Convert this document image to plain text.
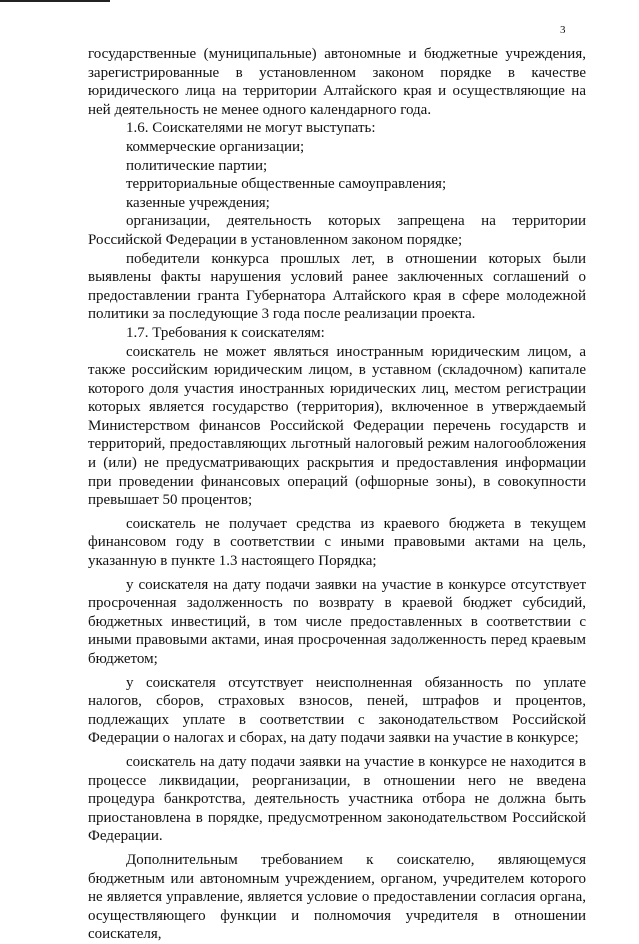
3

государственные (муниципальные) автономные и бюджетные учреждения, зарегистрированные в установленном законом порядке в качестве юридического лица на территории Алтайского края и осуществляющие на ней деятельность не менее одного календарного года.

1.6. Соискателями не могут выступать:

коммерческие организации;

политические партии;

территориальные общественные самоуправления;

казенные учреждения;

организации, деятельность которых запрещена на территории Российской Федерации в установленном законом порядке;

победители конкурса прошлых лет, в отношении которых были выявлены факты нарушения условий ранее заключенных соглашений о предоставлении гранта Губернатора Алтайского края в сфере молодежной политики за последующие 3 года после реализации проекта.

1.7. Требования к соискателям:

соискатель не может являться иностранным юридическим лицом, а также российским юридическим лицом, в уставном (складочном) капитале которого доля участия иностранных юридических лиц, местом регистрации которых является государство (территория), включенное в утверждаемый Министерством финансов Российской Федерации перечень государств и территорий, предоставляющих льготный налоговый режим налогообложения и (или) не предусматривающих раскрытия и предоставления информации при проведении финансовых операций (офшорные зоны), в совокупности превышает 50 процентов;

соискатель не получает средства из краевого бюджета в текущем финансовом году в соответствии с иными правовыми актами на цель, указанную в пункте 1.3 настоящего Порядка;

у соискателя на дату подачи заявки на участие в конкурсе отсутствует просроченная задолженность по возврату в краевой бюджет субсидий, бюджетных инвестиций, в том числе предоставленных в соответствии с иными правовыми актами, иная просроченная задолженность перед краевым бюджетом;

у соискателя отсутствует неисполненная обязанность по уплате налогов, сборов, страховых взносов, пеней, штрафов и процентов, подлежащих уплате в соответствии с законодательством Российской Федерации о налогах и сборах, на дату подачи заявки на участие в конкурсе;

соискатель на дату подачи заявки на участие в конкурсе не находится в процессе ликвидации, реорганизации, в отношении него не введена процедура банкротства, деятельность участника отбора не должна быть приостановлена в порядке, предусмотренном законодательством Российской Федерации.

Дополнительным требованием к соискателю, являющемуся бюджетным или автономным учреждением, органом, учредителем которого не является управление, является условие о предоставлении согласия органа, осуществляющего функции и полномочия учредителя в отношении соискателя,
